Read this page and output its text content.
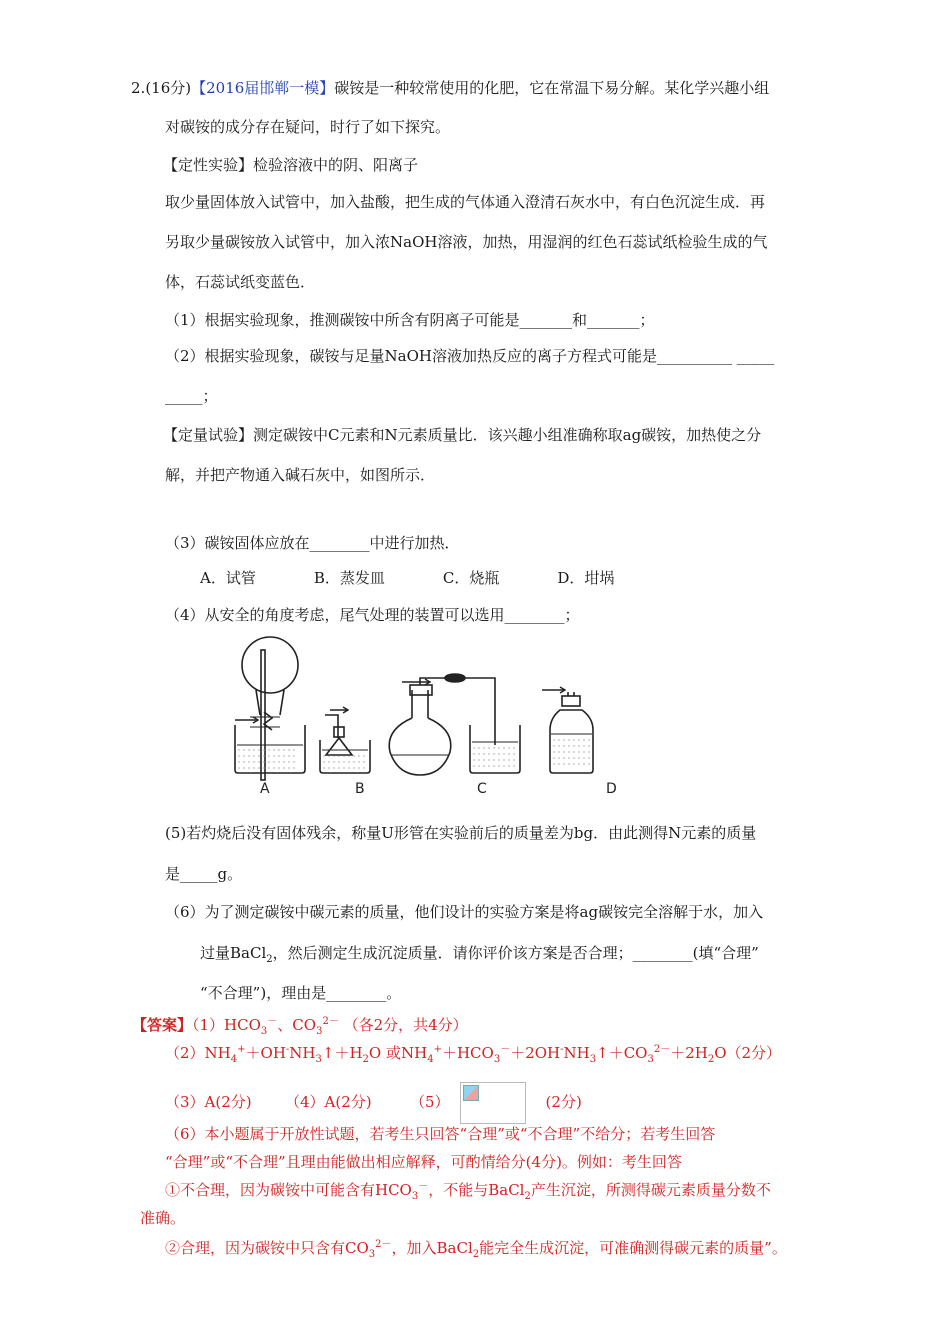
2.(16分)【2016届邯郸一模】碳铵是一种较常使用的化肥，它在常温下易分解。某化学兴趣小组
对碳铵的成分存在疑问，时行了如下探究。
【定性实验】检验溶液中的阴、阳离子
取少量固体放入试管中，加入盐酸，把生成的气体通入澄清石灰水中，有白色沉淀生成．再
另取少量碳铵放入试管中，加入浓NaOH溶液，加热，用湿润的红色石蕊试纸检验生成的气
体，石蕊试纸变蓝色．
（1）根据实验现象，推测碳铵中所含有阴离子可能是_______和_______；
（2）根据实验现象，碳铵与足量NaOH溶液加热反应的离子方程式可能是__________ _____
_____；
【定量试验】测定碳铵中C元素和N元素质量比．该兴趣小组准确称取ag碳铵，加热使之分
解，并把产物通入碱石灰中，如图所示．
（3）碳铵固体应放在________中进行加热．
A．试管	B．蒸发皿	C．烧瓶	D．坩埚
（4）从安全的角度考虑，尾气处理的装置可以选用________；
A	B	C	D
(5)若灼烧后没有固体残余，称量U形管在实验前后的质量差为bg．由此测得N元素的质量
是_____g。
（6）为了测定碳铵中碳元素的质量，他们设计的实验方案是将ag碳铵完全溶解于水，加入
过量BaCl$_2$，然后测定生成沉淀质量．请你评价该方案是否合理；________(填“合理”
“不合理”)，理由是________。
【答案】$(1)HCO_3^-$、$CO_3^{2-}$ （各2分，共4分）
$(2)NH_4^++OH^-NH_3↑+H_2O$ 或$NH_4^++HCO_3^-+2OH^-NH_3↑+CO_3^{2-}+2H_2O(2$分）
（3）A(2分) （4）A(2分)	（5）	(2分)
（6）本小题属于开放性试题，若考生只回答“合理”或“不合理”不给分；若考生回答
“合理”或“不合理”且理由能做出相应解释，可酌情给分(4分)。例如：考生回答
①不合理，因为碳铵中可能含有$HCO_3^-$，不能与BaCl$_2$产生沉淀，所测得碳元素质量分数不
准确。
②合理，因为碳铵中只含有$CO_3^{2-}$，加入BaCl$_2$能完全生成沉淀，可准确测得碳元素的质量”。
